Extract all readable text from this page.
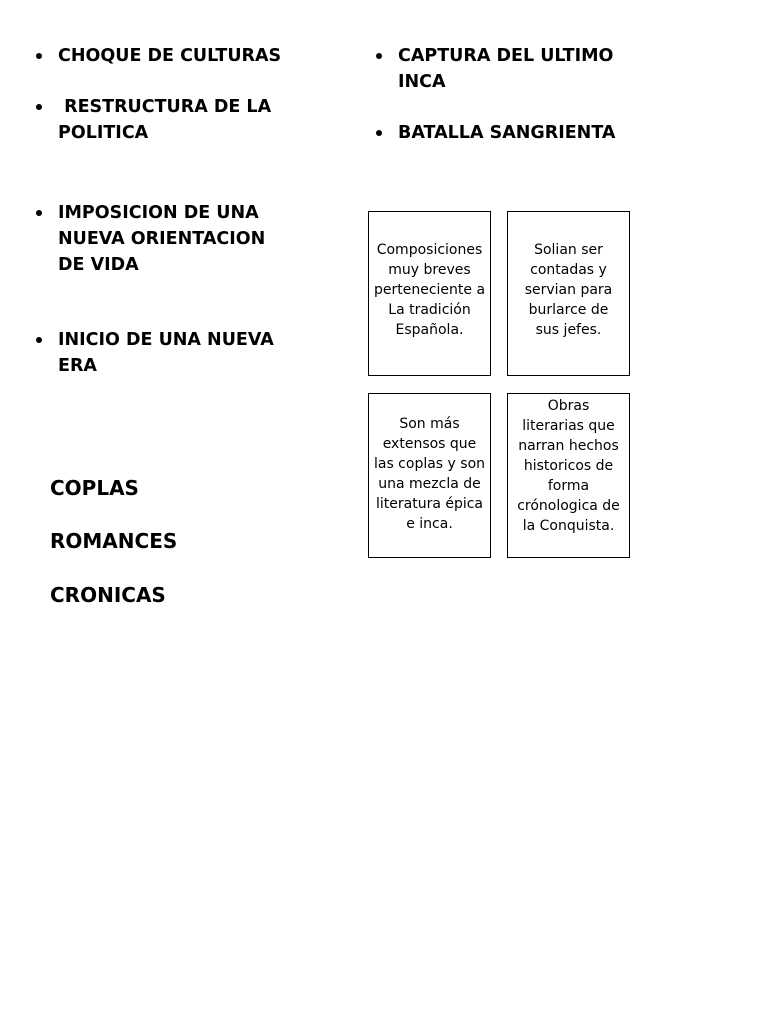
CHOQUE DE CULTURAS
RESTRUCTURA DE LA POLITICA
IMPOSICION DE UNA NUEVA ORIENTACION DE VIDA
INICIO DE UNA NUEVA ERA
CAPTURA DEL ULTIMO INCA
BATALLA SANGRIENTA
COPLAS
ROMANCES
CRONICAS
Composiciones muy breves perteneciente a La tradición Española.
Solian ser contadas y servian para burlarce de sus jefes.
Son más extensos que las coplas y son una mezcla de literatura épica e inca.
Obras literarias que narran hechos historicos de forma crónologica de la Conquista.
